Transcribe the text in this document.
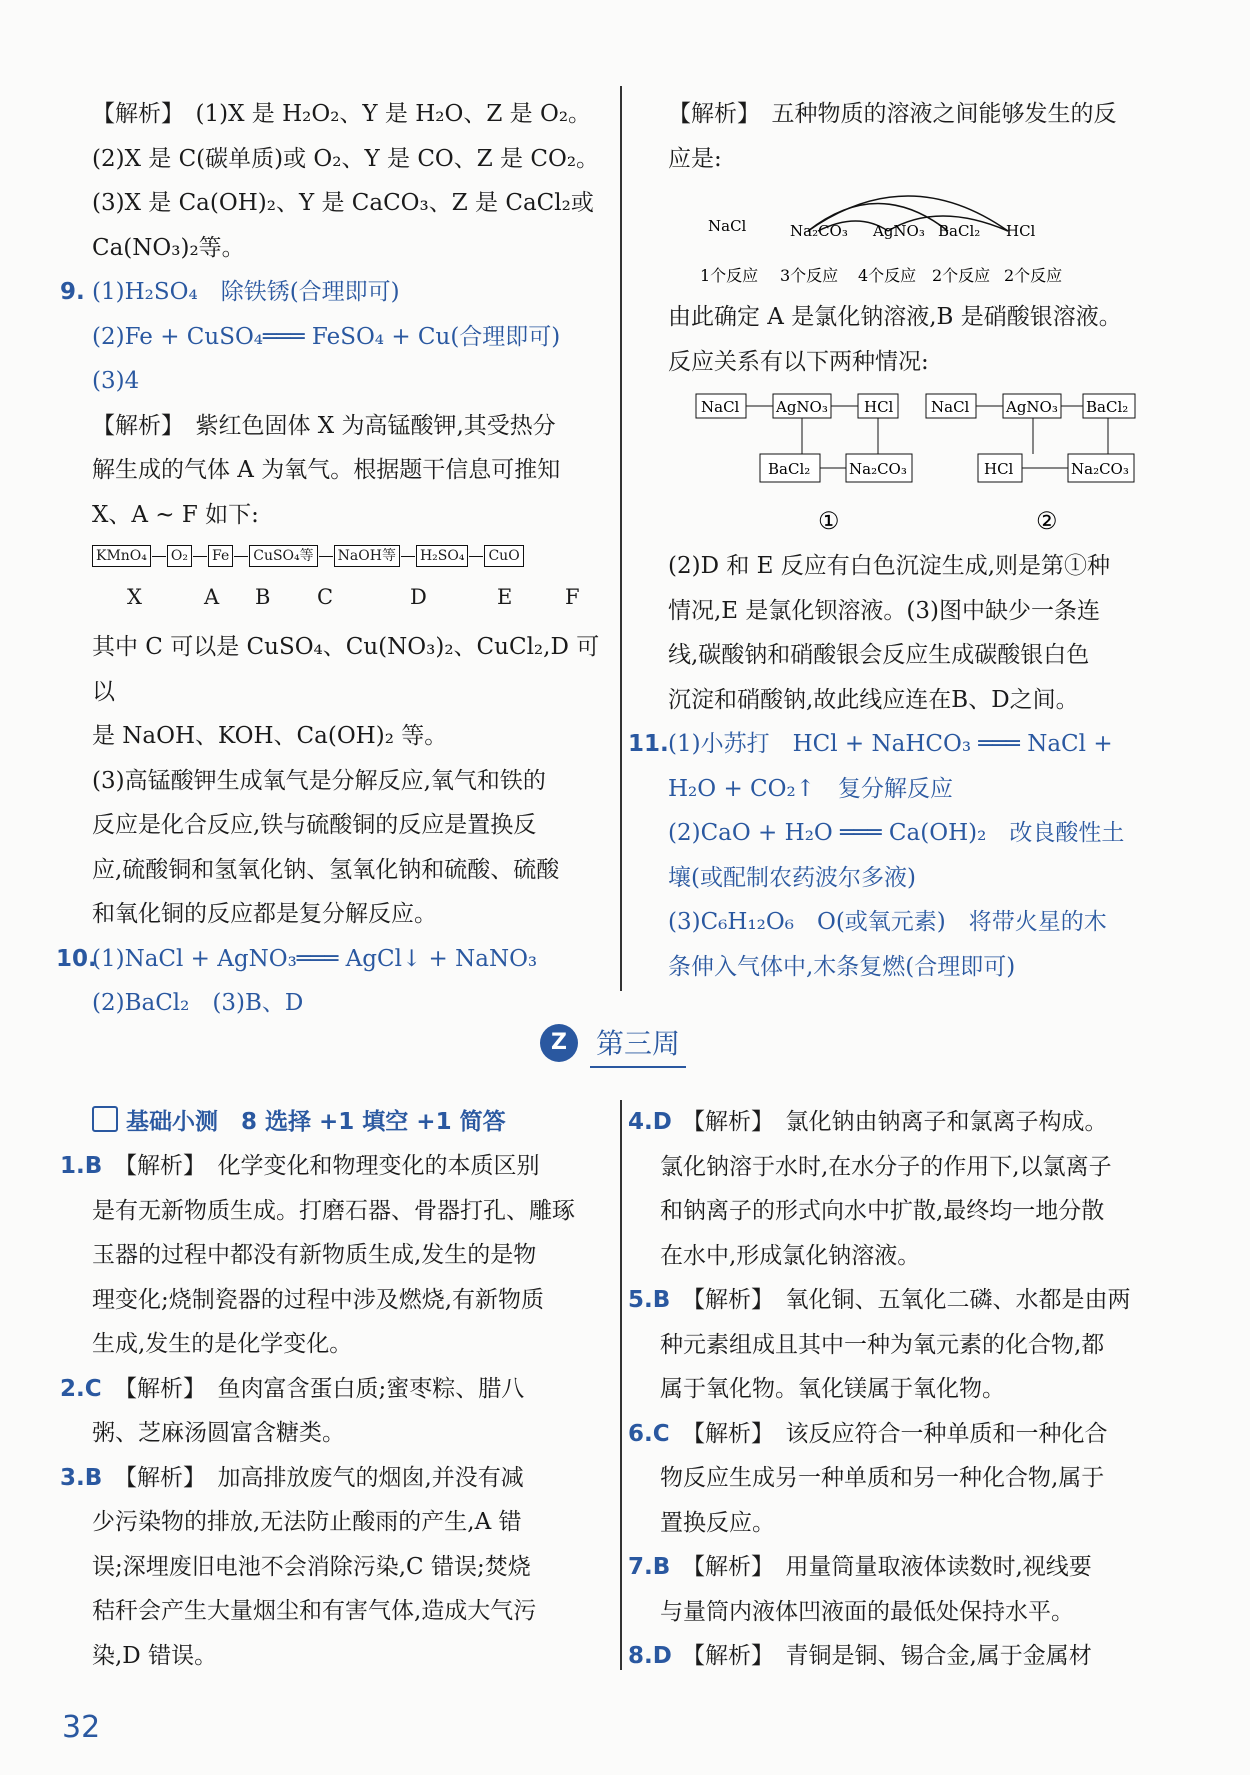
【解析】　(1)X 是 H₂O₂、Y 是 H₂O、Z 是 O₂。

(2)X 是 C(碳单质)或 O₂、Y 是 CO、Z 是 CO₂。

(3)X 是 Ca(OH)₂、Y 是 CaCO₃、Z 是 CaCl₂或

Ca(NO₃)₂等。

9. (1)H₂SO₄　除铁锈(合理即可)

(2)Fe + CuSO₄═══ FeSO₄ + Cu(合理即可)

(3)4

【解析】　紫红色固体 X 为高锰酸钾,其受热分

解生成的气体 A 为氧气。根据题干信息可推知

X、A ~ F 如下:

KMnO₄ O₂ Fe CuSO₄等 NaOH等 H₂SO₄ CuO
X	A B C	D	E	F

其中 C 可以是 CuSO₄、Cu(NO₃)₂、CuCl₂,D 可以

是 NaOH、KOH、Ca(OH)₂ 等。

(3)高锰酸钾生成氧气是分解反应,氧气和铁的

反应是化合反应,铁与硫酸铜的反应是置换反

应,硫酸铜和氢氧化钠、氢氧化钠和硫酸、硫酸

和氧化铜的反应都是复分解反应。

10.(1)NaCl + AgNO₃═══ AgCl↓ + NaNO₃

(2)BaCl₂　(3)B、D

【解析】　五种物质的溶液之间能够发生的反

应是:

NaCl	Na₂CO₃ AgNO₃ BaCl₂ HCl
1个反应 3个反应 4个反应 2个反应 2个反应

由此确定 A 是氯化钠溶液,B 是硝酸银溶液。

反应关系有以下两种情况:

NaCl AgNO₃ HCl
BaCl₂	Na₂CO₃
①
NaCl AgNO₃ BaCl₂
HCl	Na₂CO₃
②

(2)D 和 E 反应有白色沉淀生成,则是第①种

情况,E 是氯化钡溶液。(3)图中缺少一条连

线,碳酸钠和硝酸银会反应生成碳酸银白色

沉淀和硝酸钠,故此线应连在B、D之间。

11.(1)小苏打　HCl + NaHCO₃ ═══ NaCl +

H₂O + CO₂↑　复分解反应

(2)CaO + H₂O ═══ Ca(OH)₂　改良酸性土

壤(或配制农药波尔多液)

(3)C₆H₁₂O₆　O(或氧元素)　将带火星的木

条伸入气体中,木条复燃(合理即可)

Z	第三周
基础小测　8 选择 +1 填空 +1 简答

1.B 【解析】　化学变化和物理变化的本质区别

是有无新物质生成。打磨石器、骨器打孔、雕琢

玉器的过程中都没有新物质生成,发生的是物

理变化;烧制瓷器的过程中涉及燃烧,有新物质

生成,发生的是化学变化。

2.C 【解析】　鱼肉富含蛋白质;蜜枣粽、腊八

粥、芝麻汤圆富含糖类。

3.B 【解析】　加高排放废气的烟囱,并没有减

少污染物的排放,无法防止酸雨的产生,A 错

误;深埋废旧电池不会消除污染,C 错误;焚烧

秸秆会产生大量烟尘和有害气体,造成大气污

染,D 错误。

4.D 【解析】　氯化钠由钠离子和氯离子构成。

氯化钠溶于水时,在水分子的作用下,以氯离子

和钠离子的形式向水中扩散,最终均一地分散

在水中,形成氯化钠溶液。

5.B 【解析】　氧化铜、五氧化二磷、水都是由两

种元素组成且其中一种为氧元素的化合物,都

属于氧化物。氧化镁属于氧化物。

6.C 【解析】　该反应符合一种单质和一种化合

物反应生成另一种单质和另一种化合物,属于

置换反应。

7.B 【解析】　用量筒量取液体读数时,视线要

与量筒内液体凹液面的最低处保持水平。

8.D 【解析】　青铜是铜、锡合金,属于金属材

32
